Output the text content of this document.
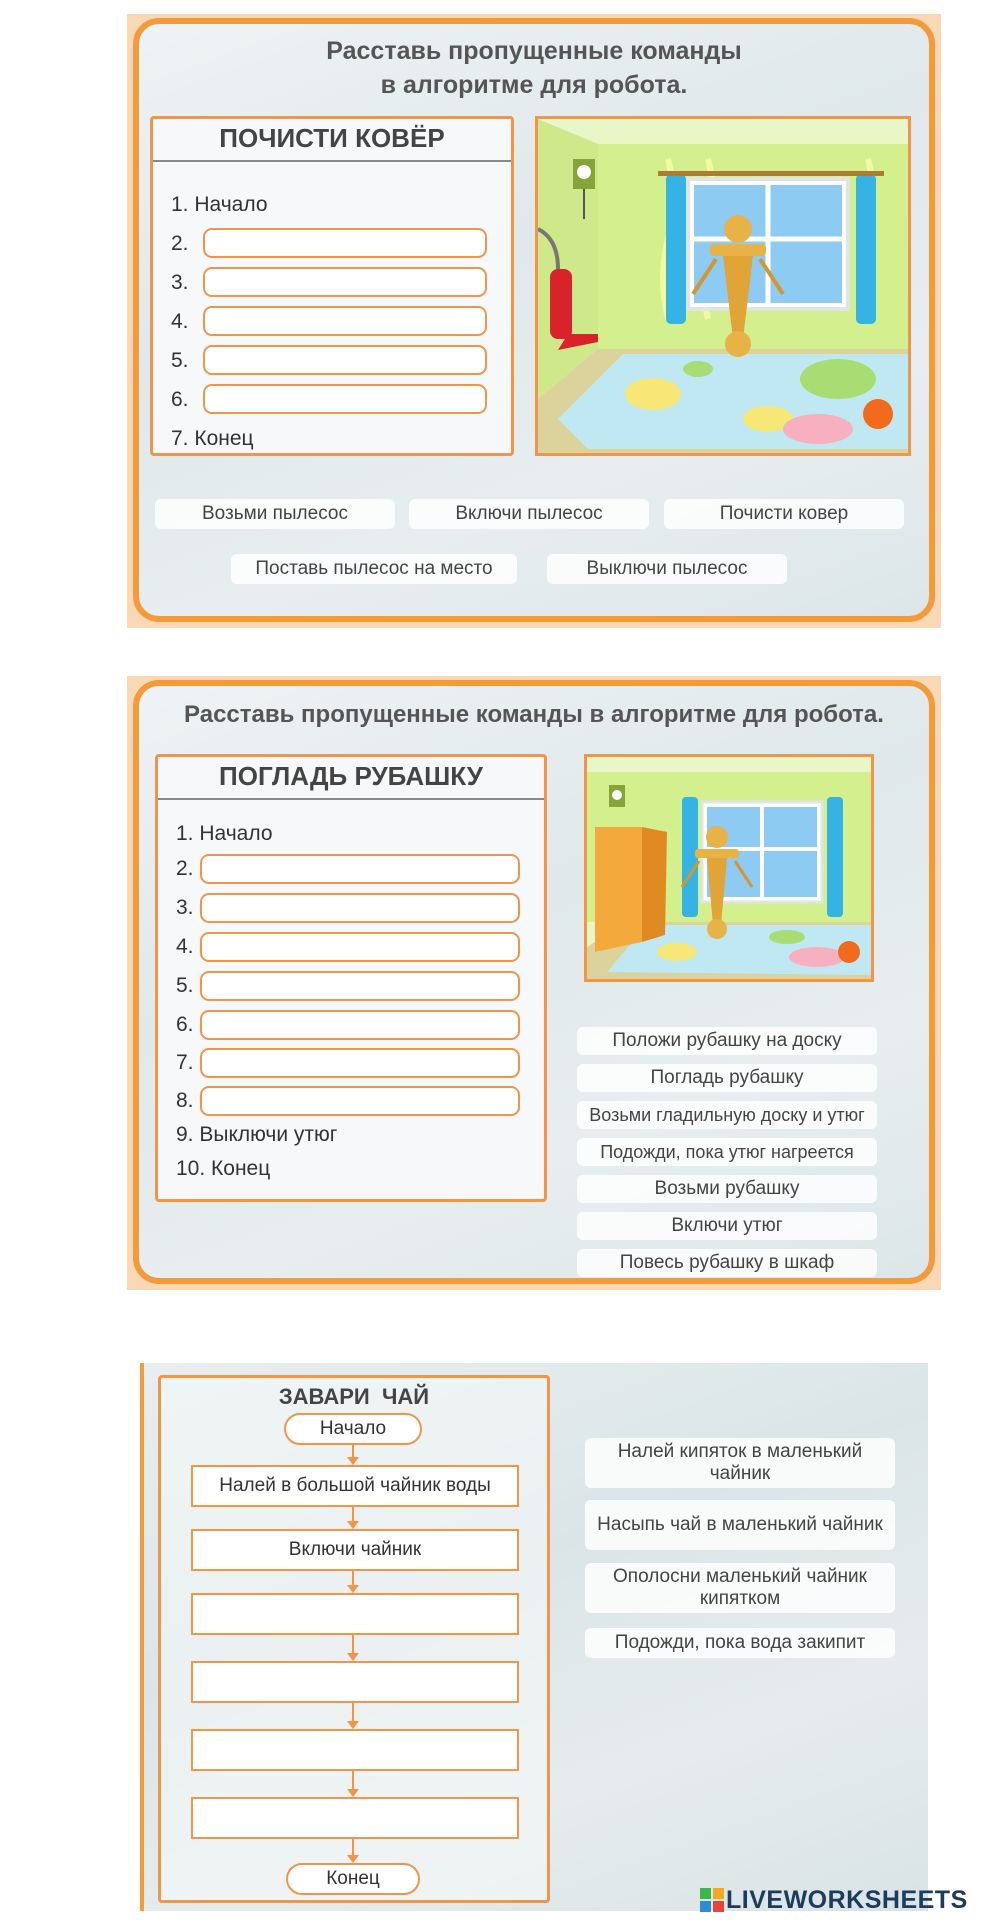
Расставь пропущенные команды
в алгоритме для робота.
ПОЧИСТИ КОВЁР
1. Начало
2.
3.
4.
5.
6.
7. Конец
Возьми пылесос	Включи пылесос	Почисти ковер
Поставь пылесос на место	Выключи пылесос
Расставь пропущенные команды в алгоритме для робота.
ПОГЛАДЬ РУБАШКУ
1. Начало
2.
3.
4.
5.
6.
7.
8.
9. Выключи утюг
10. Конец
Положи рубашку на доску
Погладь рубашку
Возьми гладильную доску и утюг
Подожди, пока утюг нагреется
Возьми рубашку
Включи утюг
Повесь рубашку в шкаф
ЗАВАРИ  ЧАЙ
Начало
Налей в большой чайник воды
Включи чайник
Конец
Налей кипяток в маленький чайник
Насыпь чай в маленький чайник
Ополосни маленький чайник кипятком
Подожди, пока вода закипит
LIVEWORKSHEETS
